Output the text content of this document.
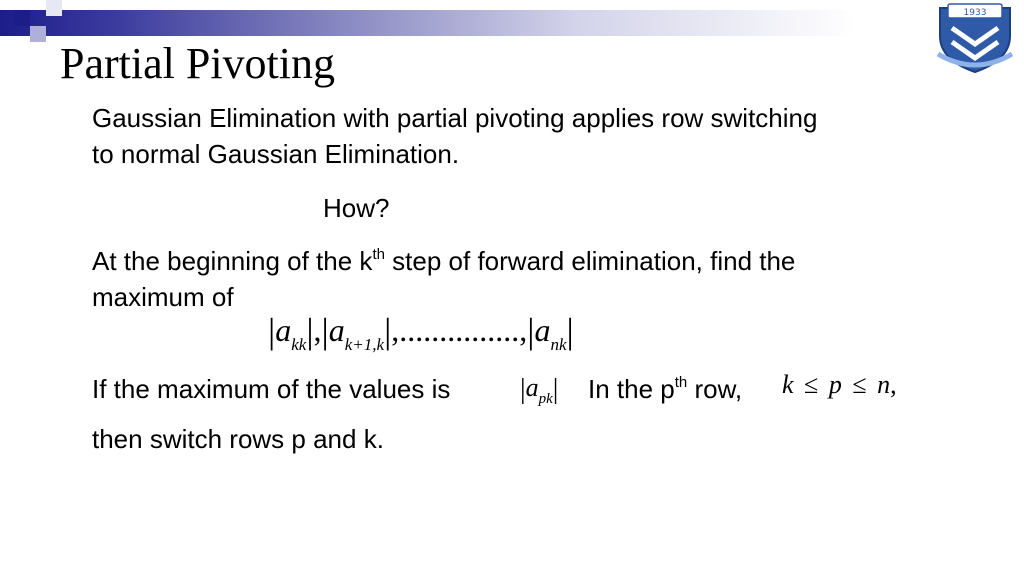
1933
Partial Pivoting
Gaussian Elimination with partial pivoting applies row switching
to normal Gaussian Elimination.
How?
At the beginning of the $k^{th}$ step of forward elimination, find the
maximum of
$|a_{kk}|,|a_{k+1,k}|,...............,|a_{nk}|$
If the maximum of the values is $|a_{pk}|$ In the $p^{th}$ row, k ≤ p ≤ n,
then switch rows p and k.
